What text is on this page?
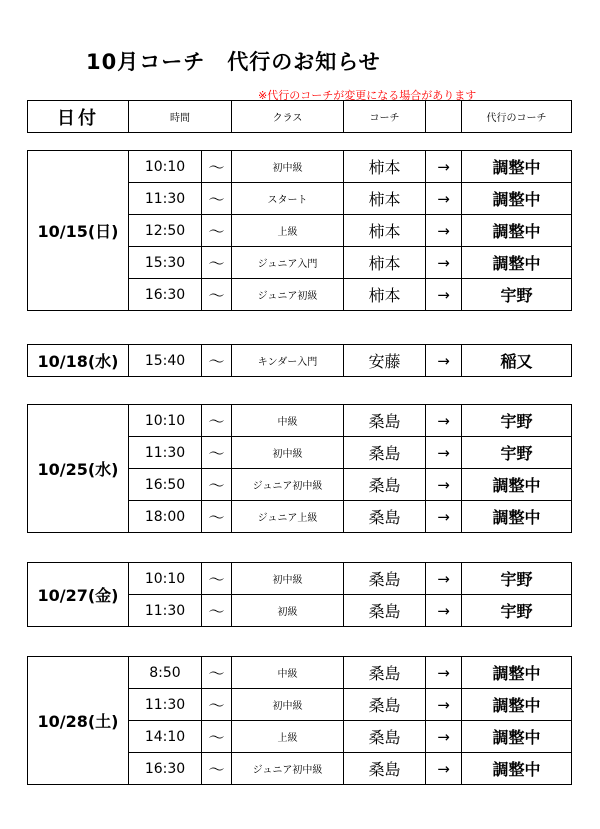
10月コーチ　代行のお知らせ
※代行のコーチが変更になる場合があります
日付	時間	クラス	コーチ		代行のコーチ
10/15(日)	10:10	〜	初中級	柿本	→	調整中
	11:30	〜	スタート	柿本	→	調整中
	12:50	〜	上級	柿本	→	調整中
	15:30	〜	ジュニア入門	柿本	→	調整中
	16:30	〜	ジュニア初級	柿本	→	宇野
10/18(水)	15:40	〜	キンダー入門	安藤	→	稲又
10/25(水)	10:10	〜	中級	桑島	→	宇野
	11:30	〜	初中級	桑島	→	宇野
	16:50	〜	ジュニア初中級	桑島	→	調整中
	18:00	〜	ジュニア上級	桑島	→	調整中
10/27(金)	10:10	〜	初中級	桑島	→	宇野
	11:30	〜	初級	桑島	→	宇野
10/28(土)	8:50	〜	中級	桑島	→	調整中
	11:30	〜	初中級	桑島	→	調整中
	14:10	〜	上級	桑島	→	調整中
	16:30	〜	ジュニア初中級	桑島	→	調整中
